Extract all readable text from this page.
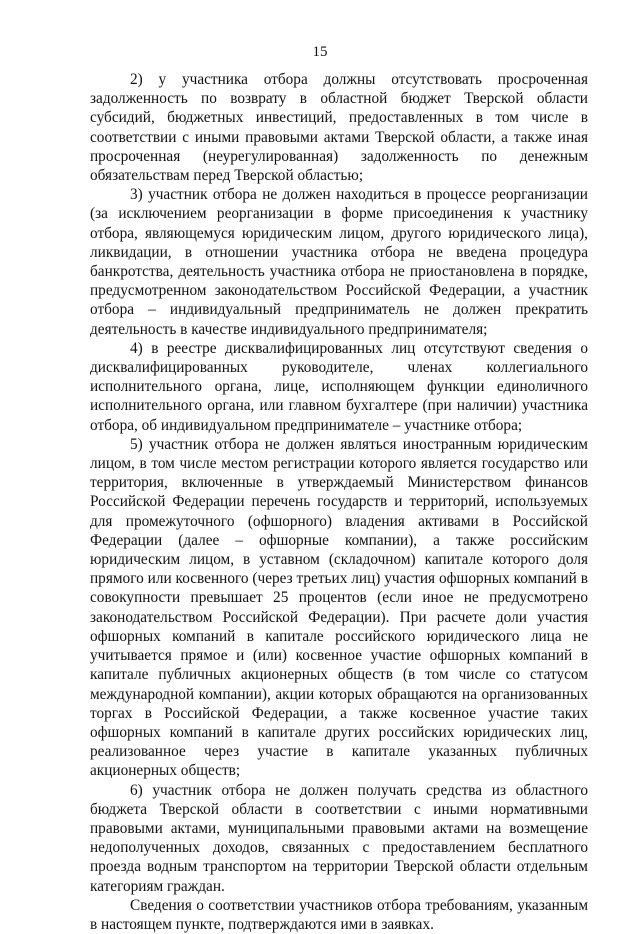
15

2) у участника отбора должны отсутствовать просроченная задолженность по возврату в областной бюджет Тверской области субсидий, бюджетных инвестиций, предоставленных в том числе в соответствии с иными правовыми актами Тверской области, а также иная просроченная (неурегулированная) задолженность по денежным обязательствам перед Тверской областью;

3) участник отбора не должен находиться в процессе реорганизации (за исключением реорганизации в форме присоединения к участнику отбора, являющемуся юридическим лицом, другого юридического лица), ликвидации, в отношении участника отбора не введена процедура банкротства, деятельность участника отбора не приостановлена в порядке, предусмотренном законодательством Российской Федерации, а участник отбора – индивидуальный предприниматель не должен прекратить деятельность в качестве индивидуального предпринимателя;

4) в реестре дисквалифицированных лиц отсутствуют сведения о дисквалифицированных руководителе, членах коллегиального исполнительного органа, лице, исполняющем функции единоличного исполнительного органа, или главном бухгалтере (при наличии) участника отбора, об индивидуальном предпринимателе – участнике отбора;

5) участник отбора не должен являться иностранным юридическим лицом, в том числе местом регистрации которого является государство или территория, включенные в утверждаемый Министерством финансов Российской Федерации перечень государств и территорий, используемых для промежуточного (офшорного) владения активами в Российской Федерации (далее – офшорные компании), а также российским юридическим лицом, в уставном (складочном) капитале которого доля прямого или косвенного (через третьих лиц) участия офшорных компаний в совокупности превышает 25 процентов (если иное не предусмотрено законодательством Российской Федерации). При расчете доли участия офшорных компаний в капитале российского юридического лица не учитывается прямое и (или) косвенное участие офшорных компаний в капитале публичных акционерных обществ (в том числе со статусом международной компании), акции которых обращаются на организованных торгах в Российской Федерации, а также косвенное участие таких офшорных компаний в капитале других российских юридических лиц, реализованное через участие в капитале указанных публичных акционерных обществ;

6) участник отбора не должен получать средства из областного бюджета Тверской области в соответствии с иными нормативными правовыми актами, муниципальными правовыми актами на возмещение недополученных доходов, связанных с предоставлением бесплатного проезда водным транспортом на территории Тверской области отдельным категориям граждан.

Сведения о соответствии участников отбора требованиям, указанным в настоящем пункте, подтверждаются ими в заявках.
